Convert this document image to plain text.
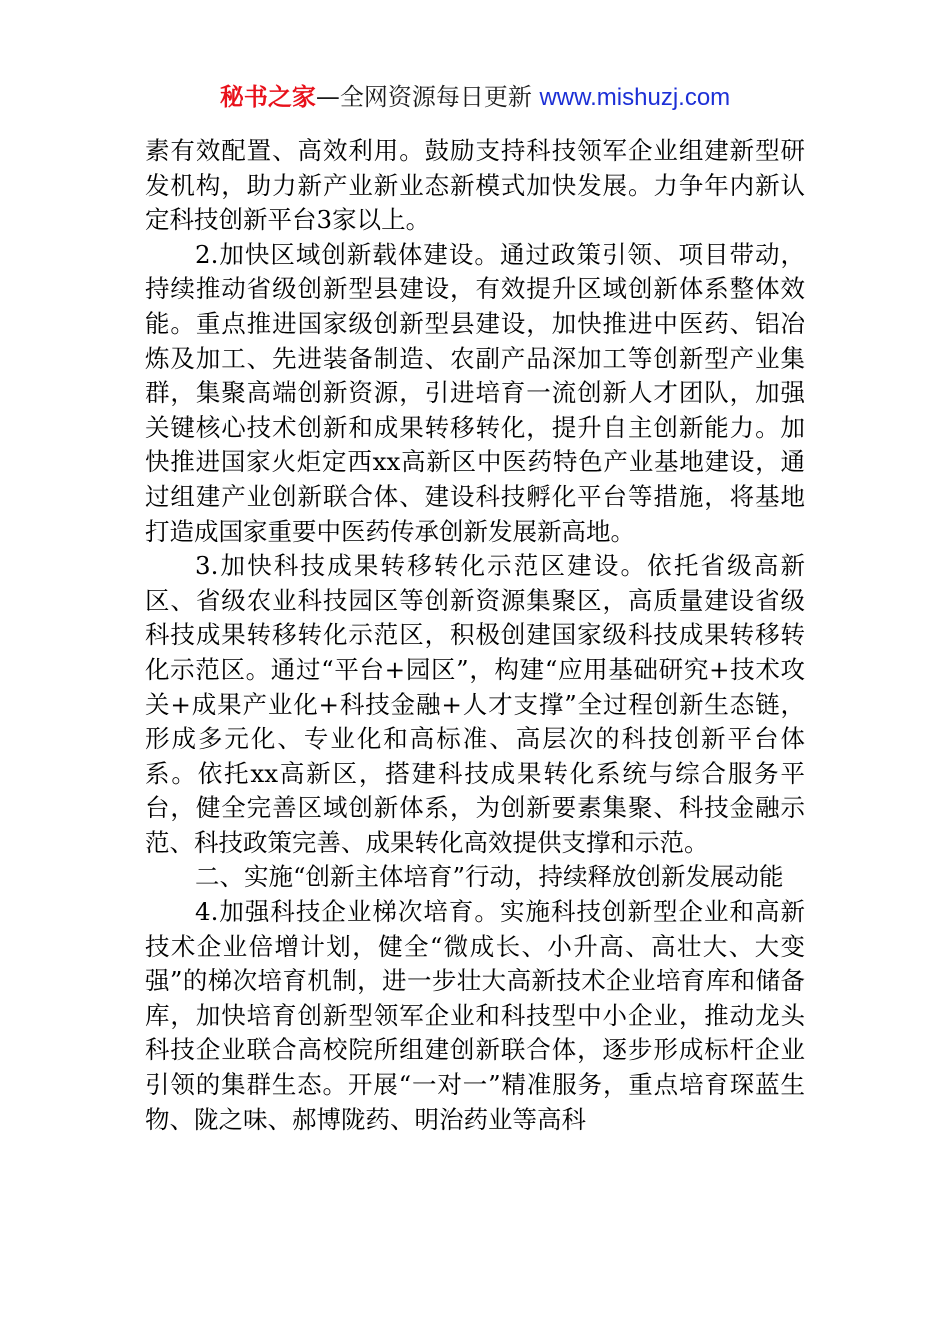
秘书之家—全网资源每日更新 www.mishuzj.com

素有效配置、高效利用。鼓励支持科技领军企业组建新型研发机构，助力新产业新业态新模式加快发展。力争年内新认定科技创新平台3家以上。

2.加快区域创新载体建设。通过政策引领、项目带动，持续推动省级创新型县建设，有效提升区域创新体系整体效能。重点推进国家级创新型县建设，加快推进中医药、铝冶炼及加工、先进装备制造、农副产品深加工等创新型产业集群，集聚高端创新资源，引进培育一流创新人才团队，加强关键核心技术创新和成果转移转化，提升自主创新能力。加快推进国家火炬定西xx高新区中医药特色产业基地建设，通过组建产业创新联合体、建设科技孵化平台等措施，将基地打造成国家重要中医药传承创新发展新高地。

3.加快科技成果转移转化示范区建设。依托省级高新区、省级农业科技园区等创新资源集聚区，高质量建设省级科技成果转移转化示范区，积极创建国家级科技成果转移转化示范区。通过“平台+园区”，构建“应用基础研究+技术攻关+成果产业化+科技金融+人才支撑”全过程创新生态链，形成多元化、专业化和高标准、高层次的科技创新平台体系。依托xx高新区，搭建科技成果转化系统与综合服务平台，健全完善区域创新体系，为创新要素集聚、科技金融示范、科技政策完善、成果转化高效提供支撑和示范。

二、实施“创新主体培育”行动，持续释放创新发展动能

4.加强科技企业梯次培育。实施科技创新型企业和高新技术企业倍增计划，健全“微成长、小升高、高壮大、大变强”的梯次培育机制，进一步壮大高新技术企业培育库和储备库，加快培育创新型领军企业和科技型中小企业，推动龙头科技企业联合高校院所组建创新联合体，逐步形成标杆企业引领的集群生态。开展“一对一”精准服务，重点培育琛蓝生物、陇之味、郝博陇药、明治药业等高科
